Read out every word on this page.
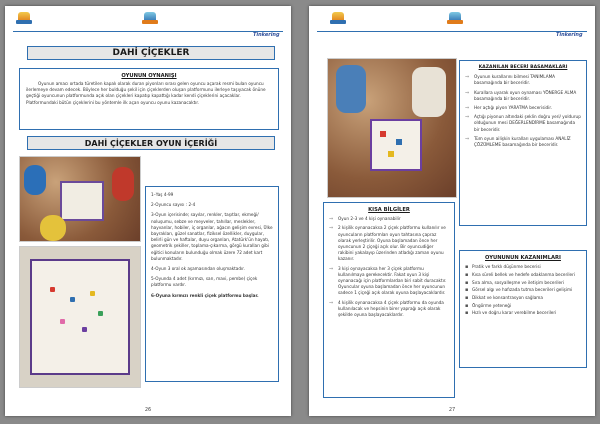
Tinkering
DAHİ ÇİÇEKLER
OYUNUN OYNANIŞI
Oyunun amacı ortada türetilen kapalı olarak duran piyonları sırası gelen oyuncu açarak resmi bulan oyuncu ilerlemeye devam edecek. Böylece her bulduğu şekil için çiçeklerden oluşan platformunu ilerleye taşıyacak önüne geçtiği oyuncunun platformunda açık olan çiçekleri kapatıp kapattığı kadar kendi çiçeklerini açacaklar. Platformundaki bütün çiçeklerini bu yöntemle ilk açan oyuncu oyunu kazanacaktır.
DAHİ ÇİÇEKLER OYUN İÇERİĞİ
1–Yaş 4-99
2-Oyuncu sayısı : 2-4
3-Oyun içerisinde; sayılar, renkler, taşıtlar, ekmeği/ noluşumu, sebze ve meyveler, tahıllar, meslekler, hayvanlar, hobiler, iç organlar, ağacın gelişim evresi, Ülke bayrakları, güzel sanatlar, fiziksel özellikler, duygular, belirli gün ve haftalar, duyu organları, Atatürk'ün hayatı, geometrik şekiller, toplama-çıkarma, görgü kuralları gibi eğitici konuların bulunduğu olmak üzere 72 adet kart bulunmaktadır.
4-Oyun 3 oral ok aşamasından oluşmaktadır.
5-Oyunda 4 adet (kırmızı, sarı, mavi, pembe) çiçek platformu vardır.
6-Oyuna kırmızı renkli çiçek platformu başlar.
26
Tinkering
KAZANILAN BECERİ BASAMAKLARI
⇒ Oyunun kurallarını bilmesi TANIMLAMA basamağında bir beceridir.
⇒ Kurallara uyarak oyun oynaması YÖNERGE ALMA basamağında bir beceridir.
⇒ Her açtığı piyon YARATMA becerisidir.
⇒ Açtığı piyonun altındaki şeklin doğru yeri/ yoldurup olduğunun mesi DEĞERLENDİRME basamağında bir beceridir.
⇒ Tüm oyun ailişkin kuralları uygulaması ANALİZ ÇÖZÜMLEME basamağında bir beceridir.
KISA BİLGİLER
⇒ Oyun 2-3 ve 4 kişi oynanabilir
⇒ 2 kişilik oynanacaksa 2 çiçek platformu kullanılır ve oyuncuların platformları oyun tahtasına çapraz olarak yerleştirilir. Oyuna başlamadan önce her oyuncunun 2 çiçeği açık olur. Bir oyuncudiğer rakibini yakalayıp üzerinden atladığı zaman oyunu kazanır.
⇒ 3 kişi oynayacaksa her 3 çiçek platformu kullanılmaya gerekecektir. Fakat oyun 3 kişi oynanacağı için platformlardan biri sabit duracaktır. Oyuncular oyuna başlamadan önce her oyuncunun sadece 1 çiçeği açık olarak oyuna başlayacaklardır.
⇒ 4 kişilik oynanacaksa 4 çiçek platformu da oyunda kullanılacak ve hepsinin birer yaprağı açık olarak şekilde oyuna başlayacaklardır.
OYUNUNUN KAZANIMLARI
▪ Pratik ve farklı düşünme becerisi
▪ Kısa süreli bellek ve hedefe odaklanma becerileri
▪ Sıra alma, sosyalleşme ve iletişim becerileri
▪ Görsel algı ve hafızada tutma becerileri gelişimi
▪ Dikkat ve konsantrasyon sağlama
▪ Öngörme yeteneği
▪ Hızlı ve doğru karar verebilme becerileri
27
